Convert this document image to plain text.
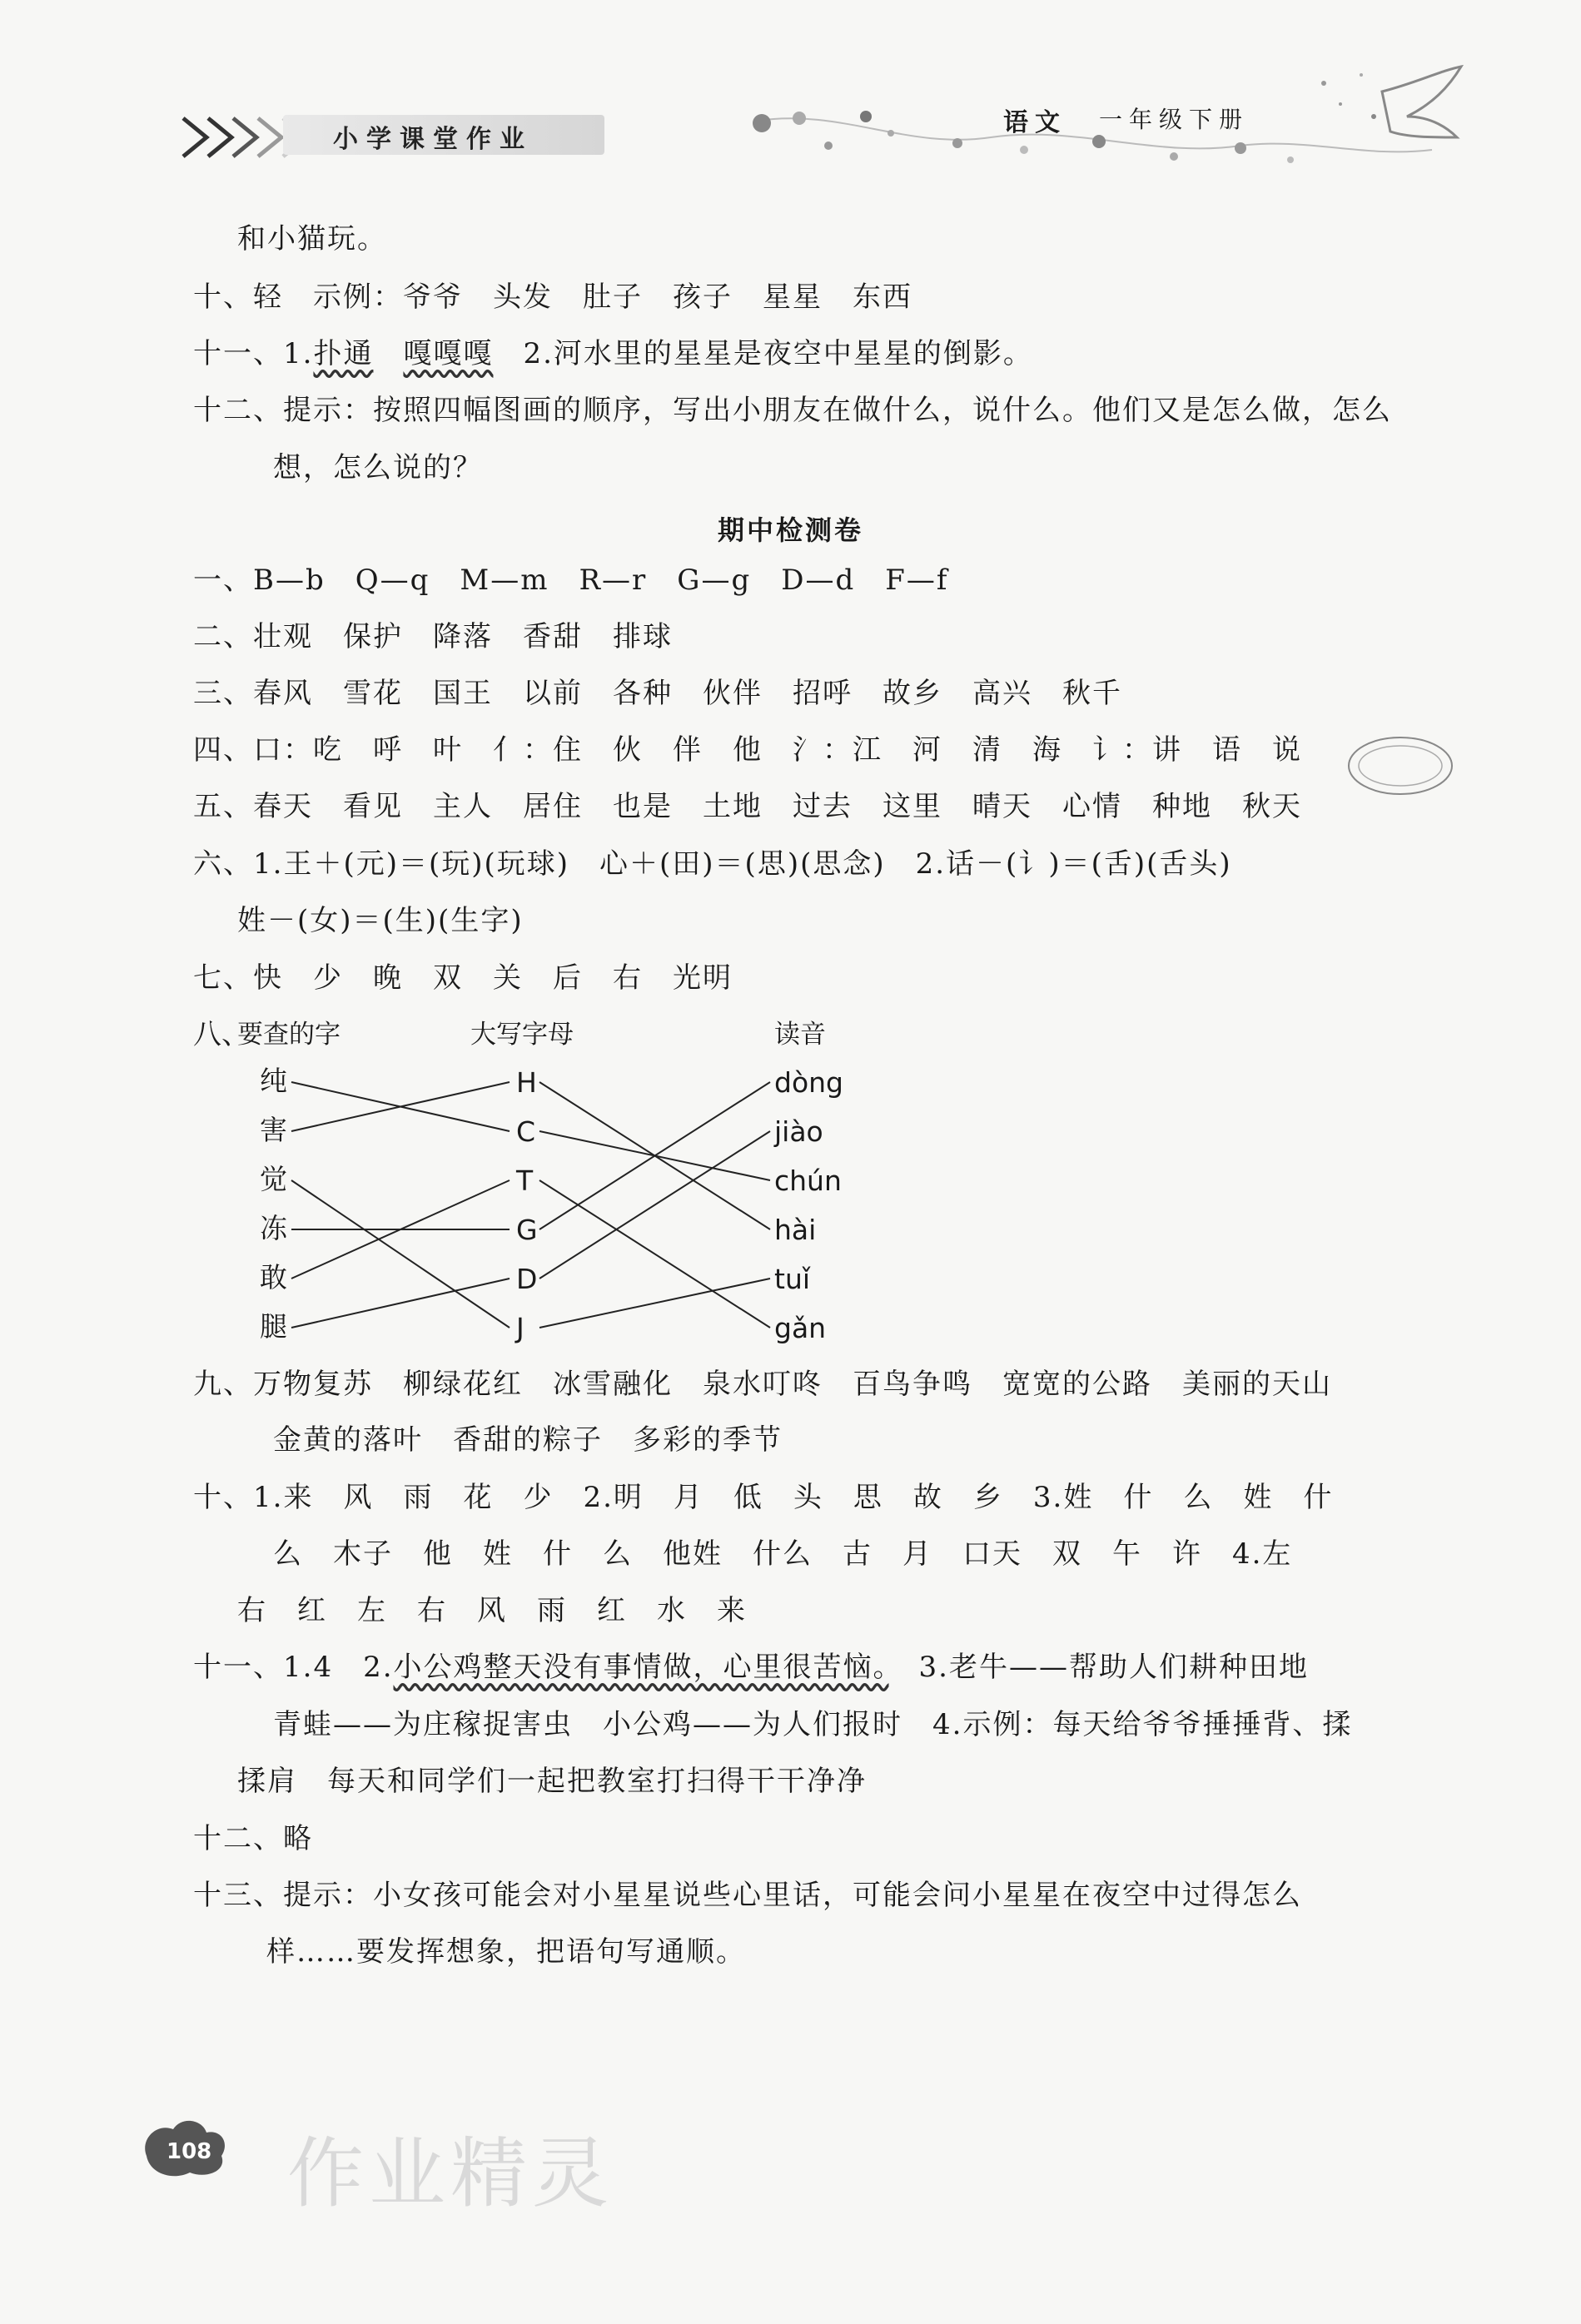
小学课堂作业
语文 一年级下册
和小猫玩。
十、轻　示例：爷爷　头发　肚子　孩子　星星　东西
十一、1.扑通　 嘎嘎嘎　2.河水里的星星是夜空中星星的倒影。
十二、提示：按照四幅图画的顺序，写出小朋友在做什么，说什么。他们又是怎么做，怎么
想，怎么说的？
期中检测卷
一、B—b　Q—q　M—m　R—r　G—g　D—d　F—f
二、壮观　保护　降落　香甜　排球
三、春风　雪花　国王　以前　各种　伙伴　招呼　故乡　高兴　秋千
四、口：吃　呼　叶　亻：住　伙　伴　他　氵：江　河　清　海　讠：讲　语　说
五、春天　看见　主人　居住　也是　土地　过去　这里　晴天　心情　种地　秋天
六、1.王＋(元)＝(玩)(玩球)　心＋(田)＝(思)(思念)　2.话－(讠)＝(舌)(舌头)
姓－(女)＝(生)(生字)
七、快　少　晚　双　关　后　右　光明
八、
要查的字	大写字母	读音
纯
害
觉
冻
敢
腿
H
C
T
G
D
J
dòng
jiào
chún
hài
tuǐ
gǎn
九、万物复苏　柳绿花红　冰雪融化　泉水叮咚　百鸟争鸣　宽宽的公路　美丽的天山
金黄的落叶　香甜的粽子　多彩的季节
十、1.来　风　雨　花　少　2.明　月　低　头　思　故　乡　3.姓　什　么　姓　什
么　木子　他　姓　什　么　他姓　什么　古　月　口天　双　午　许　4.左
右　红　左　右　风　雨　红　水　来
十一、1.4　2.小公鸡整天没有事情做，心里很苦恼。　3.老牛——帮助人们耕种田地
青蛙——为庄稼捉害虫　小公鸡——为人们报时　4.示例：每天给爷爷捶捶背、揉
揉肩　每天和同学们一起把教室打扫得干干净净
十二、略
十三、提示：小女孩可能会对小星星说些心里话，可能会问小星星在夜空中过得怎么
样……要发挥想象，把语句写通顺。
108 作业精灵
